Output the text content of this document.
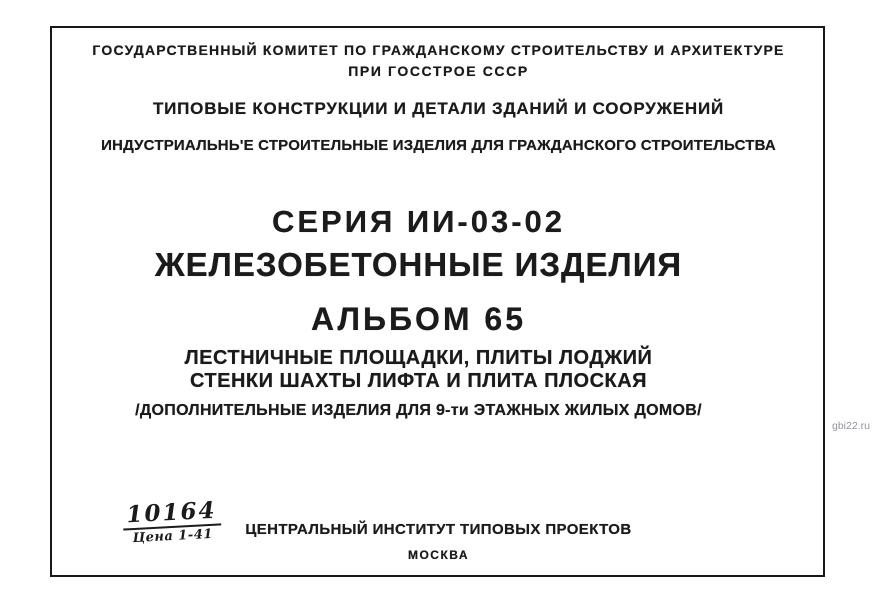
ГОСУДАРСТВЕННЫЙ КОМИТЕТ ПО ГРАЖДАНСКОМУ СТРОИТЕЛЬСТВУ И АРХИТЕКТУРЕ
ПРИ ГОССТРОЕ СССР
ТИПОВЫЕ КОНСТРУКЦИИ И ДЕТАЛИ ЗДАНИЙ И СООРУЖЕНИЙ
ИНДУСТРИАЛЬНЬ'Е СТРОИТЕЛЬНЫЕ ИЗДЕЛИЯ ДЛЯ ГРАЖДАНСКОГО СТРОИТЕЛЬСТВА
СЕРИЯ ИИ-03-02
ЖЕЛЕЗОБЕТОННЫЕ ИЗДЕЛИЯ
АЛЬБОМ 65
ЛЕСТНИЧНЫЕ ПЛОЩАДКИ, ПЛИТЫ ЛОДЖИЙ
СТЕНКИ ШАХТЫ ЛИФТА И ПЛИТА ПЛОСКАЯ
/ДОПОЛНИТЕЛЬНЫЕ ИЗДЕЛИЯ ДЛЯ 9-ти ЭТАЖНЫХ ЖИЛЫХ ДОМОВ/
10164
Цена 1-41	ЦЕНТРАЛЬНЫЙ ИНСТИТУТ ТИПОВЫХ ПРОЕКТОВ
МОСКВА
gbi22.ru
